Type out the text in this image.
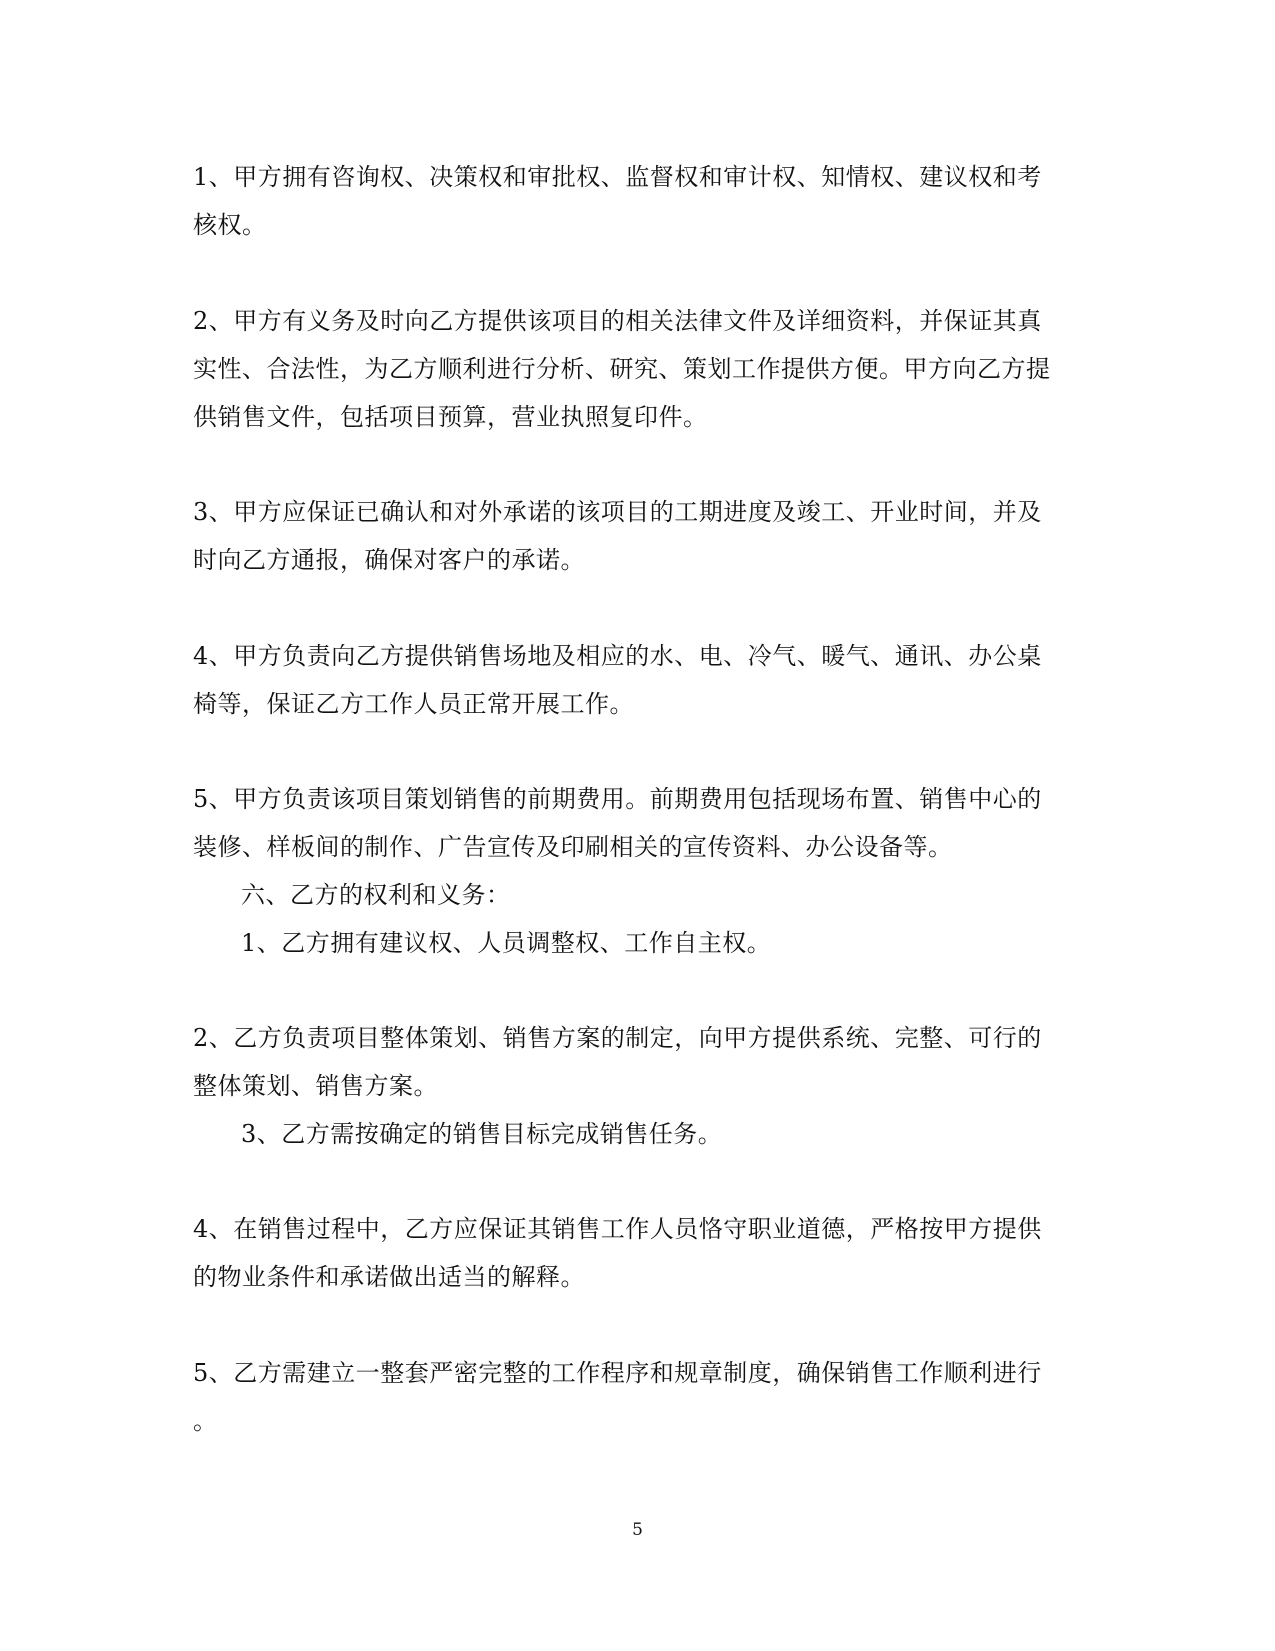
1、甲方拥有咨询权、决策权和审批权、监督权和审计权、知情权、建议权和考
核权。
2、甲方有义务及时向乙方提供该项目的相关法律文件及详细资料，并保证其真
实性、合法性，为乙方顺利进行分析、研究、策划工作提供方便。甲方向乙方提
供销售文件，包括项目预算，营业执照复印件。
3、甲方应保证已确认和对外承诺的该项目的工期进度及竣工、开业时间，并及
时向乙方通报，确保对客户的承诺。
4、甲方负责向乙方提供销售场地及相应的水、电、冷气、暖气、通讯、办公桌
椅等，保证乙方工作人员正常开展工作。
5、甲方负责该项目策划销售的前期费用。前期费用包括现场布置、销售中心的
装修、样板间的制作、广告宣传及印刷相关的宣传资料、办公设备等。
六、乙方的权利和义务：
1、乙方拥有建议权、人员调整权、工作自主权。
2、乙方负责项目整体策划、销售方案的制定，向甲方提供系统、完整、可行的
整体策划、销售方案。
3、乙方需按确定的销售目标完成销售任务。
4、在销售过程中，乙方应保证其销售工作人员恪守职业道德，严格按甲方提供
的物业条件和承诺做出适当的解释。
5、乙方需建立一整套严密完整的工作程序和规章制度，确保销售工作顺利进行
。
5
